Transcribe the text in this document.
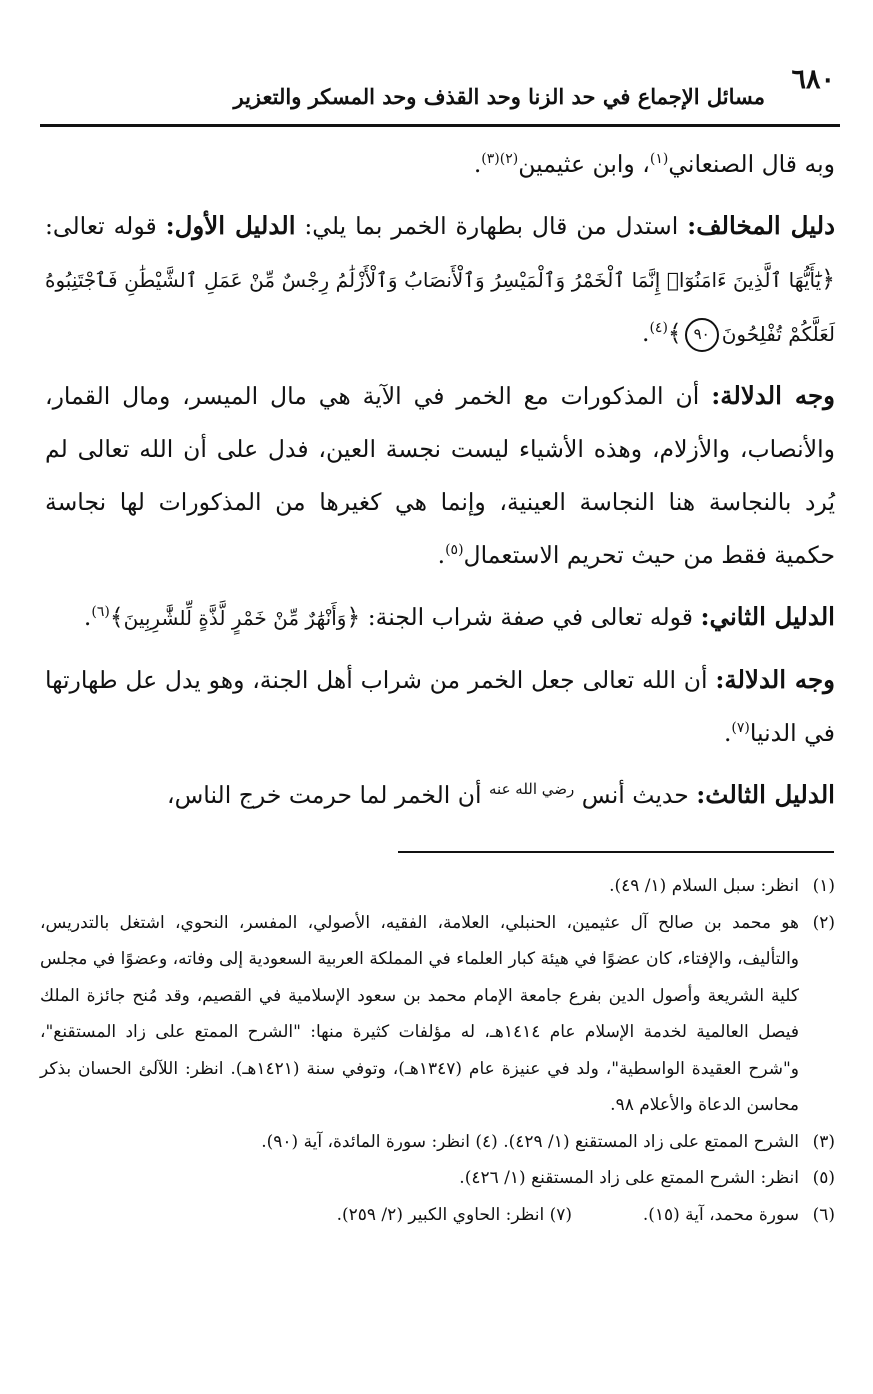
٦٨٠
مسائل الإجماع في حد الزنا وحد القذف وحد المسكر والتعزير

وبه قال الصنعاني$^{(١)}$، وابن عثيمين$^{(٢)(٣)}$.

دليل المخالف: استدل من قال بطهارة الخمر بما يلي: الدليل الأول: قوله تعالى: ﴿يَٰٓأَيُّهَا ٱلَّذِينَ ءَامَنُوٓا۟ إِنَّمَا ٱلْخَمْرُ وَٱلْمَيْسِرُ وَٱلْأَنصَابُ وَٱلْأَزْلَٰمُ رِجْسٌ مِّنْ عَمَلِ ٱلشَّيْطَٰنِ فَٱجْتَنِبُوهُ لَعَلَّكُمْ تُفْلِحُونَ٩٠﴾$^{(٤)}$.

وجه الدلالة: أن المذكورات مع الخمر في الآية هي مال الميسر، ومال القمار، والأنصاب، والأزلام، وهذه الأشياء ليست نجسة العين، فدل على أن الله تعالى لم يُرد بالنجاسة هنا النجاسة العينية، وإنما هي كغيرها من المذكورات لها نجاسة حكمية فقط من حيث تحريم الاستعمال$^{(٥)}$.

الدليل الثاني: قوله تعالى في صفة شراب الجنة: ﴿وَأَنْهَٰرٌ مِّنْ خَمْرٍ لَّذَّةٍ لِّلشَّٰرِبِينَ﴾$^{(٦)}$.

وجه الدلالة: أن الله تعالى جعل الخمر من شراب أهل الجنة، وهو يدل عل طهارتها في الدنيا$^{(٧)}$.

الدليل الثالث: حديث أنس $^{رضي الله عنه}$ أن الخمر لما حرمت خرج الناس،

(١)
انظر: سبل السلام (١/ ٤٩).
(٢)
هو محمد بن صالح آل عثيمين، الحنبلي، العلامة، الفقيه، الأصولي، المفسر، النحوي، اشتغل بالتدريس، والتأليف، والإفتاء، كان عضوًا في هيئة كبار العلماء في المملكة العربية السعودية إلى وفاته، وعضوًا في مجلس كلية الشريعة وأصول الدين بفرع جامعة الإمام محمد بن سعود الإسلامية في القصيم، وقد مُنح جائزة الملك فيصل العالمية لخدمة الإسلام عام ١٤١٤هـ، له مؤلفات كثيرة منها: "الشرح الممتع على زاد المستقنع"، و"شرح العقيدة الواسطية"، ولد في عنيزة عام (١٣٤٧هـ)، وتوفي سنة (١٤٢١هـ). انظر: اللآلئ الحسان بذكر محاسن الدعاة والأعلام ٩٨.
(٣)
الشرح الممتع على زاد المستقنع (١/ ٤٢٩). (٤) انظر: سورة المائدة، آية (٩٠).
(٥)
انظر: الشرح الممتع على زاد المستقنع (١/ ٤٢٦).
(٦)
سورة محمد، آية (١٥).  (٧) انظر: الحاوي الكبير (٢/ ٢٥٩).
